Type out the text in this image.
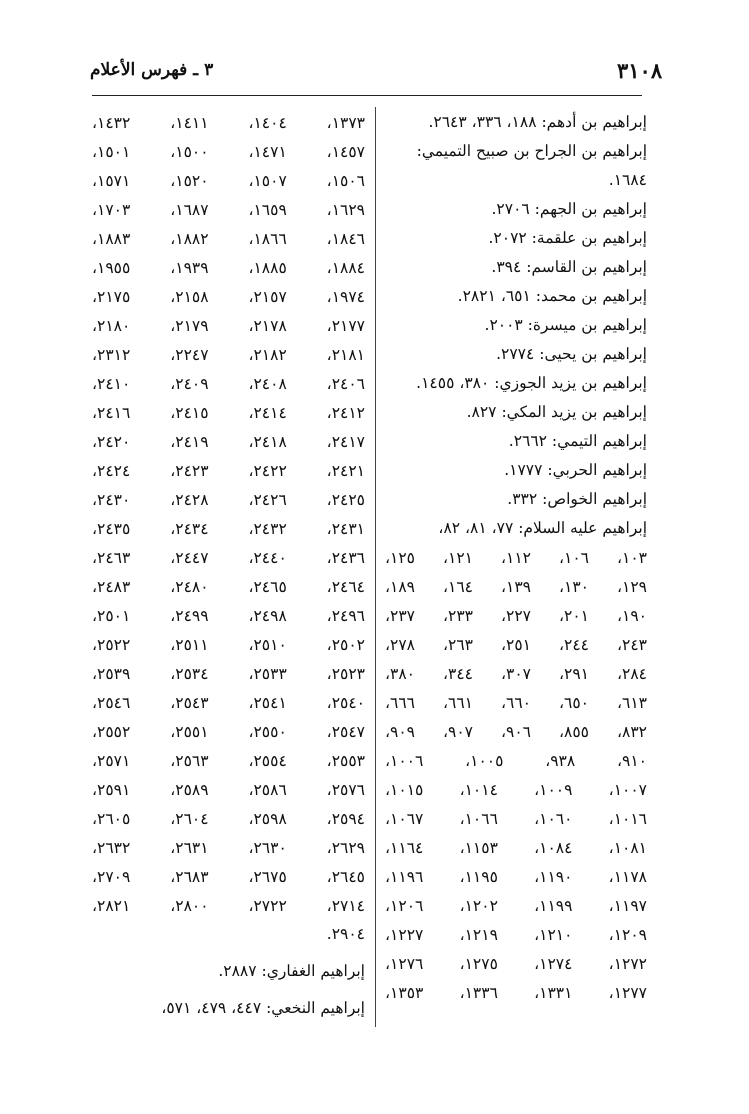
٣١٠٨
٣ ـ فهرس الأعلام
إبراهيم بن أدهم: ١٨٨، ٣٣٦، ٢٦٤٣.
إبراهيم بن الجراح بن صبيح التميمي: ١٦٨٤.
إبراهيم بن الجهم: ٢٧٠٦.
إبراهيم بن علقمة: ٢٠٧٢.
إبراهيم بن القاسم: ٣٩٤.
إبراهيم بن محمد: ٦٥١، ٢٨٢١.
إبراهيم بن ميسرة: ٢٠٠٣.
إبراهيم بن يحيى: ٢٧٧٤.
إبراهيم بن يزيد الجوزي: ٣٨٠، ١٤٥٥.
إبراهيم بن يزيد المكي: ٨٢٧.
إبراهيم التيمي: ٢٦٦٢.
إبراهيم الحربي: ١٧٧٧.
إبراهيم الخواص: ٣٣٢.
إبراهيم عليه السلام: ٧٧، ٨١، ٨٢،
١٠٣،
١٠٦،
١١٢،
١٢١،
١٢٥،
١٢٩،
١٣٠،
١٣٩،
١٦٤،
١٨٩،
١٩٠،
٢٠١،
٢٢٧،
٢٣٣،
٢٣٧،
٢٤٣،
٢٤٤،
٢٥١،
٢٦٣،
٢٧٨،
٢٨٤،
٢٩١،
٣٠٧،
٣٤٤،
٣٨٠،
٦١٣،
٦٥٠،
٦٦٠،
٦٦١،
٦٦٦،
٨٣٢،
٨٥٥،
٩٠٦،
٩٠٧،
٩٠٩،
٩١٠،
٩٣٨،
١٠٠٥،
١٠٠٦،
١٠٠٧،
١٠٠٩،
١٠١٤،
١٠١٥،
١٠١٦،
١٠٦٠،
١٠٦٦،
١٠٦٧،
١٠٨١،
١٠٨٤،
١١٥٣،
١١٦٤،
١١٧٨،
١١٩٠،
١١٩٥،
١١٩٦،
١١٩٧،
١١٩٩،
١٢٠٢،
١٢٠٦،
١٢٠٩،
١٢١٠،
١٢١٩،
١٢٢٧،
١٢٧٢،
١٢٧٤،
١٢٧٥،
١٢٧٦،
١٢٧٧،
١٣٣١،
١٣٣٦،
١٣٥٣،
١٣٧٣،
١٤٠٤،
١٤١١،
١٤٣٢،
١٤٥٧،
١٤٧١،
١٥٠٠،
١٥٠١،
١٥٠٦،
١٥٠٧،
١٥٢٠،
١٥٧١،
١٦٢٩،
١٦٥٩،
١٦٨٧،
١٧٠٣،
١٨٤٦،
١٨٦٦،
١٨٨٢،
١٨٨٣،
١٨٨٤،
١٨٨٥،
١٩٣٩،
١٩٥٥،
١٩٧٤،
٢١٥٧،
٢١٥٨،
٢١٧٥،
٢١٧٧،
٢١٧٨،
٢١٧٩،
٢١٨٠،
٢١٨١،
٢١٨٢،
٢٢٤٧،
٢٣١٢،
٢٤٠٦،
٢٤٠٨،
٢٤٠٩،
٢٤١٠،
٢٤١٢،
٢٤١٤،
٢٤١٥،
٢٤١٦،
٢٤١٧،
٢٤١٨،
٢٤١٩،
٢٤٢٠،
٢٤٢١،
٢٤٢٢،
٢٤٢٣،
٢٤٢٤،
٢٤٢٥،
٢٤٢٦،
٢٤٢٨،
٢٤٣٠،
٢٤٣١،
٢٤٣٢،
٢٤٣٤،
٢٤٣٥،
٢٤٣٦،
٢٤٤٠،
٢٤٤٧،
٢٤٦٣،
٢٤٦٤،
٢٤٦٥،
٢٤٨٠،
٢٤٨٣،
٢٤٩٦،
٢٤٩٨،
٢٤٩٩،
٢٥٠١،
٢٥٠٢،
٢٥١٠،
٢٥١١،
٢٥٢٢،
٢٥٢٣،
٢٥٣٣،
٢٥٣٤،
٢٥٣٩،
٢٥٤٠،
٢٥٤١،
٢٥٤٣،
٢٥٤٦،
٢٥٤٧،
٢٥٥٠،
٢٥٥١،
٢٥٥٢،
٢٥٥٣،
٢٥٥٤،
٢٥٦٣،
٢٥٧١،
٢٥٧٦،
٢٥٨٦،
٢٥٨٩،
٢٥٩١،
٢٥٩٤،
٢٥٩٨،
٢٦٠٤،
٢٦٠٥،
٢٦٢٩،
٢٦٣٠،
٢٦٣١،
٢٦٣٢،
٢٦٤٥،
٢٦٧٥،
٢٦٨٣،
٢٧٠٩،
٢٧١٤،
٢٧٢٢،
٢٨٠٠،
٢٨٢١،
٢٩٠٤.
إبراهيم الغفاري: ٢٨٨٧.
إبراهيم النخعي: ٤٤٧، ٤٧٩، ٥٧١،
